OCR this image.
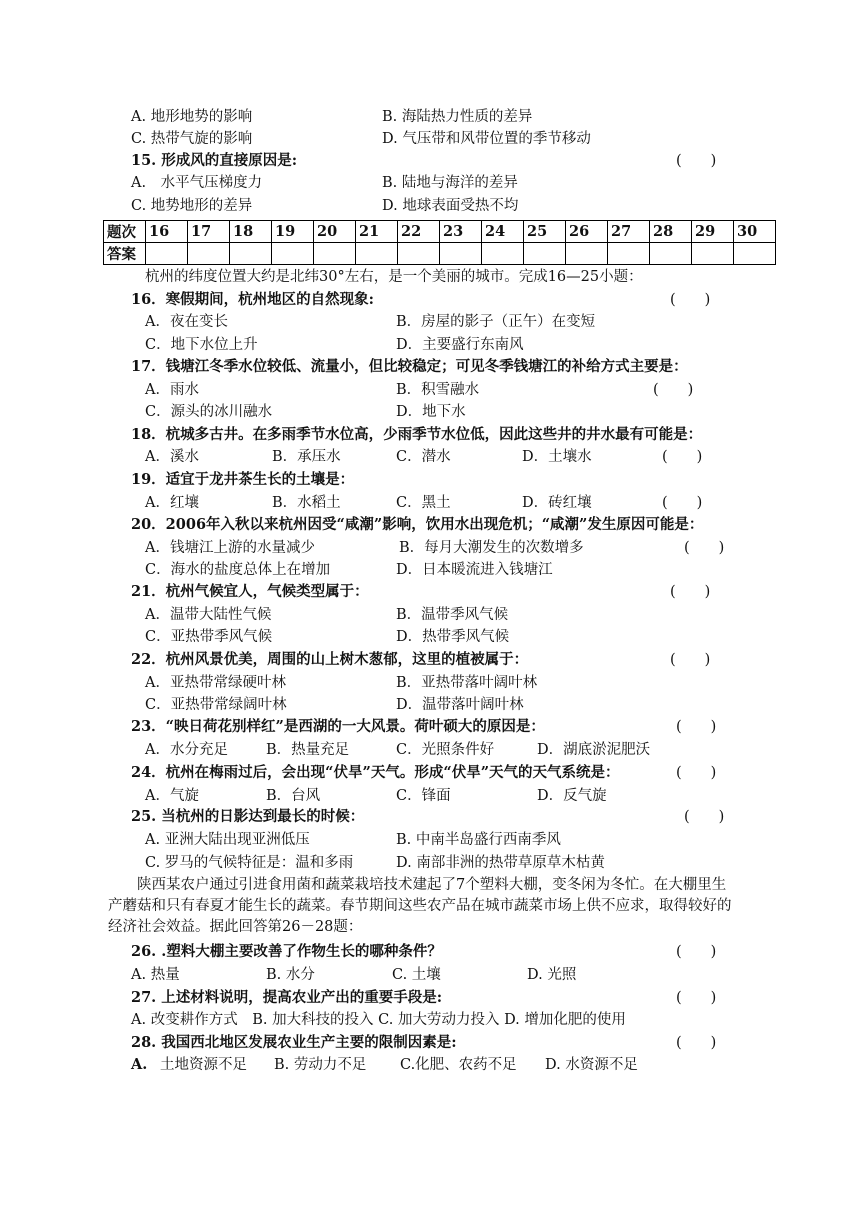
A. 地形地势的影响	B. 海陆热力性质的差异
C. 热带气旋的影响	D. 气压带和风带位置的季节移动
15. 形成风的直接原因是:	(　　)
A.　水平气压梯度力	B. 陆地与海洋的差异
C. 地势地形的差异	D. 地球表面受热不均
题次	16	17	18	19	20	21	22	23	24	25	26	27	28	29	30
答案															
杭州的纬度位置大约是北纬30°左右，是一个美丽的城市。完成16—25小题：
16．寒假期间，杭州地区的自然现象:	(　　)
A．夜在变长	B．房屋的影子（正午）在变短
C．地下水位上升	D．主要盛行东南风
17．钱塘江冬季水位较低、流量小，但比较稳定；可见冬季钱塘江的补给方式主要是：
A．雨水	B．积雪融水	(　　)
C．源头的冰川融水	D．地下水
18．杭城多古井。在多雨季节水位高，少雨季节水位低，因此这些井的井水最有可能是：
A．溪水	B．承压水	C．潜水	D．土壤水	(　　)
19．适宜于龙井茶生长的土壤是：
A．红壤	B．水稻土	C．黑土	D．砖红壤	(　　)
20．2006年入秋以来杭州因受“咸潮”影响，饮用水出现危机；“咸潮”发生原因可能是：
A．钱塘江上游的水量减少	B．每月大潮发生的次数增多	(　　)
C．海水的盐度总体上在增加	D．日本暖流进入钱塘江
21．杭州气候宜人，气候类型属于：	(　　)
A．温带大陆性气候	B．温带季风气候
C．亚热带季风气候	D．热带季风气候
22．杭州风景优美，周围的山上树木葱郁，这里的植被属于：	(　　)
A．亚热带常绿硬叶林	B．亚热带落叶阔叶林
C．亚热带常绿阔叶林	D．温带落叶阔叶林
23．“映日荷花别样红”是西湖的一大风景。荷叶硕大的原因是：	(　　)
A．水分充足	B．热量充足	C．光照条件好	D．湖底淤泥肥沃
24．杭州在梅雨过后，会出现“伏旱”天气。形成“伏旱”天气的天气系统是：	(　　)
A．气旋	B．台风	C．锋面	D．反气旋
25. 当杭州的日影达到最长的时候：	(　　)
A. 亚洲大陆出现亚洲低压	B. 中南半岛盛行西南季风
C. 罗马的气候特征是：温和多雨	D. 南部非洲的热带草原草木枯黄
陕西某农户通过引进食用菌和蔬菜栽培技术建起了7个塑料大棚，变冬闲为冬忙。在大棚里生产蘑菇和只有春夏才能生长的蔬菜。春节期间这些农产品在城市蔬菜市场上供不应求，取得较好的经济社会效益。据此回答第26－28题：
26. .塑料大棚主要改善了作物生长的哪种条件？	(　　)
A. 热量	B. 水分	C. 土壤	D. 光照
27. 上述材料说明，提高农业产出的重要手段是:	(　　)
A. 改变耕作方式　B. 加大科技的投入 C. 加大劳动力投入 D. 增加化肥的使用
28. 我国西北地区发展农业生产主要的限制因素是:	(　　)
A. 土地资源不足 B. 劳动力不足 C.化肥、农药不足 D. 水资源不足
